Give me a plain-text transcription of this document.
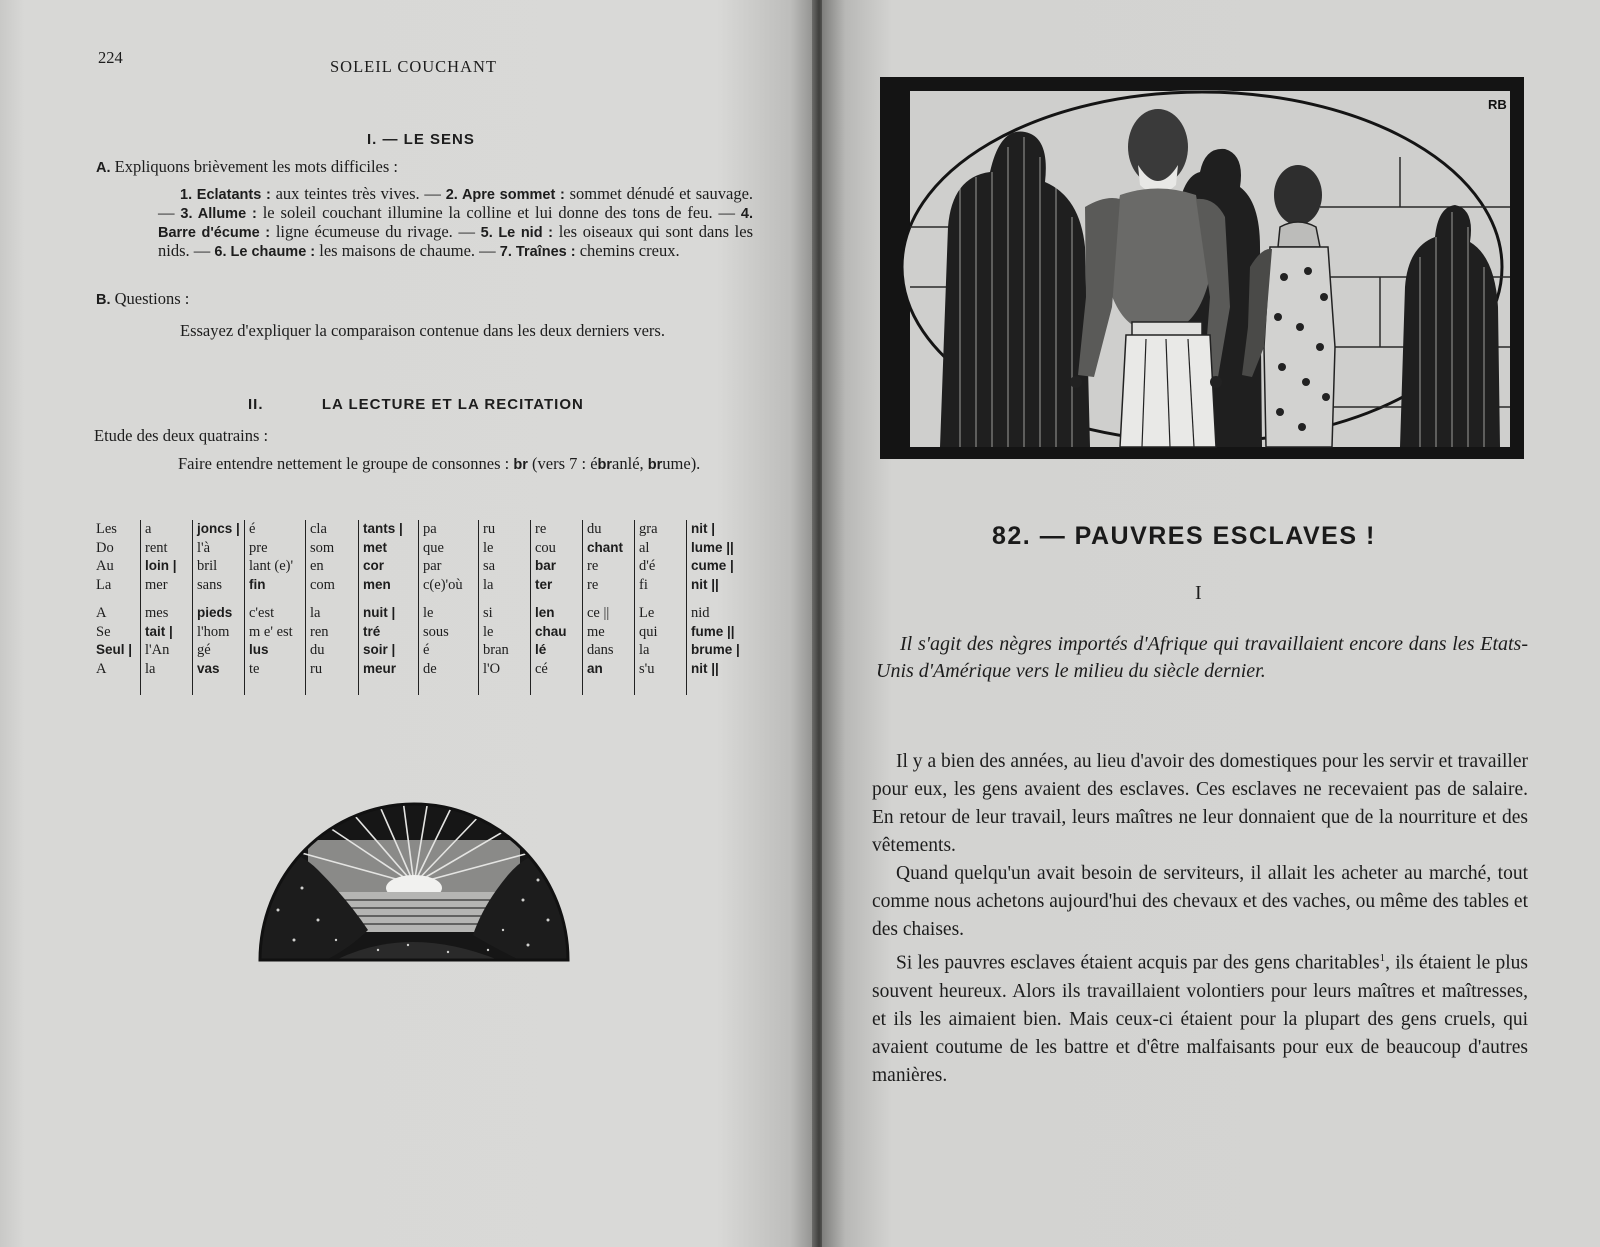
224	SOLEIL COUCHANT
I. — LE SENS
A. Expliquons brièvement les mots difficiles :
1. Eclatants : aux teintes très vives. — 2. Apre sommet : sommet dénudé et sauvage. — 3. Allume : le soleil couchant illumine la colline et lui donne des tons de feu. — 4. Barre d'écume : ligne écumeuse du rivage. — 5. Le nid : les oiseaux qui sont dans les nids. — 6. Le chaume : les maisons de chaume. — 7. Traînes : chemins creux.
B. Questions :
Essayez d'expliquer la comparaison contenue dans les deux derniers vers.
II.	LA LECTURE ET LA RECITATION
Etude des deux quatrains :
Faire entendre nettement le groupe de consonnes : br (vers 7 : ébranlé, brume).
Les
Do
Au
La
A
Se
Seul |
A
a
rent
loin |
mer
mes
tait |
l'An
la
joncs |
l'à
bril
sans
pieds
l'hom
gé
vas
é
pre
lant (e)'
fin
c'est
m e' est
lus
te
cla
som
en
com
la
ren
du
ru
tants |
met
cor
men
nuit |
tré
soir |
meur
pa
que
par
c(e)'où
le
sous
é
de
ru
le
sa
la
si
le
bran
l'O
re
cou
bar
ter
len
chau
lé
cé
du
chant
re
re
ce ||
me
dans
an
gra
al
d'é
fi
Le
qui
la
s'u
nit |
lume ||
cume |
nit ||
nid
fume ||
brume |
nit ||
RB
82. — PAUVRES ESCLAVES !
I
Il s'agit des nègres importés d'Afrique qui travaillaient encore dans les Etats-Unis d'Amérique vers le milieu du siècle dernier.

Il y a bien des années, au lieu d'avoir des domestiques pour les servir et travailler pour eux, les gens avaient des esclaves. Ces esclaves ne recevaient pas de salaire. En retour de leur travail, leurs maîtres ne leur donnaient que de la nourriture et des vêtements.

Quand quelqu'un avait besoin de serviteurs, il allait les acheter au marché, tout comme nous achetons aujourd'hui des chevaux et des vaches, ou même des tables et des chaises.

Si les pauvres esclaves étaient acquis par des gens charitables$^1$, ils étaient le plus souvent heureux. Alors ils travaillaient volontiers pour leurs maîtres et maîtresses, et ils les aimaient bien. Mais ceux-ci étaient pour la plupart des gens cruels, qui avaient coutume de les battre et d'être malfaisants pour eux de beaucoup d'autres manières.
